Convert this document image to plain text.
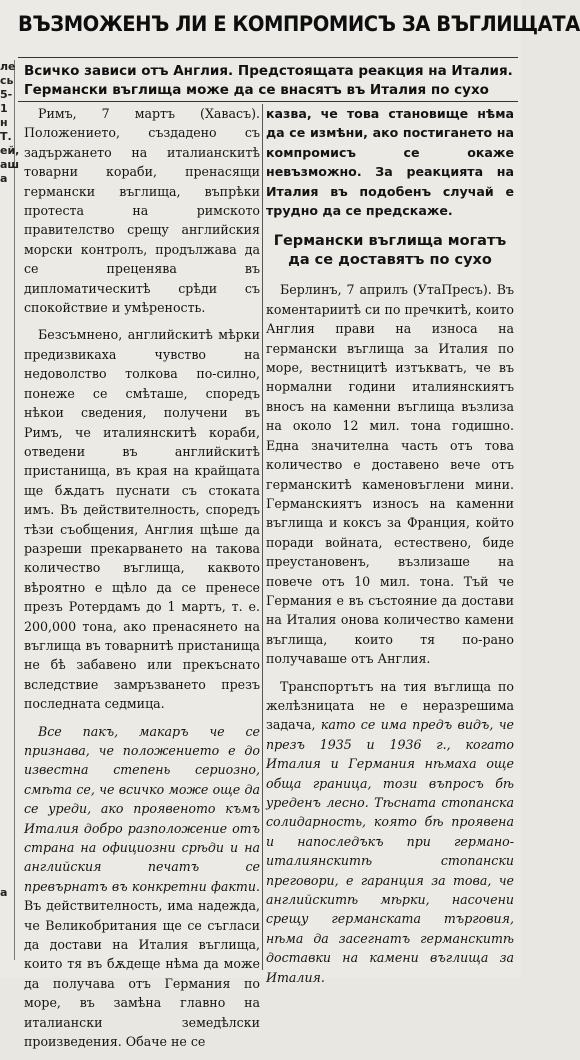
ле
сь
5-1
н
Т.
ей,
аш
а
а
ВЪЗМОЖЕНЪ ЛИ Е КОМПРОМИСЪ ЗА ВЪГЛИЩАТА

Всичко зависи отъ Англия. Предстоящата реакция на Италия. Германски въглища може да се внасятъ въ Италия по сухо

Римъ, 7 мартъ (Хавасъ). Положението, създадено съ задържането на италианскитѣ товарни кораби, пренасящи германски въглища, въпрѣки протеста на римското правителство срещу английския морски контролъ, продължава да се преценява въ дипломатическитѣ срѣди съ спокойствие и умѣреность.

Безсъмнено, английскитѣ мѣрки предизвикаха чувство на недоволство толкова по-силно, понеже се смѣташе, споредъ нѣкои сведения, получени въ Римъ, че италиянскитѣ кораби, отведени въ английскитѣ пристанища, въ края на крайщата ще бѫдатъ пуснати съ стоката имъ. Въ действителность, споредъ тѣзи съобщения, Англия щѣше да разреши прекарването на такова количество въглища, каквото вѣроятно е щѣло да се пренесе презъ Ротердамъ до 1 мартъ, т. е. 200,000 тона, ако пренасянето на въглища въ товарнитѣ пристанища не бѣ забавено или прекъснато вследствие замръзването презъ последната седмица.

Все пакъ, макаръ че се признава, че положението е до известна степень сериозно, смѣта се, че всичко може още да се уреди, ако проявеното къмъ Италия добро разположение отъ страна на официозни срѣди и на английския печатъ се превърнатъ въ конкретни факти. Въ действителность, има надежда, че Великобритания ще се съгласи да достави на Италия въглища, които тя въ бѫдеще нѣма да може да получава отъ Германия по море, въ замѣна главно на италиански земедѣлски произведения. Обаче не се

казва, че това становище нѣма да се измѣни, ако постигането на компромисъ се окаже невъзможно. За реакцията на Италия въ подобенъ случай е трудно да се предскаже.

Германски въглища могатъ да се доставятъ по сухо

Берлинъ, 7 априлъ (УтаПресъ). Въ коментариитѣ си по пречкитѣ, които Англия прави на износа на германски въглища за Италия по море, вестницитѣ изтъкватъ, че въ нормални години италиянскиятъ вносъ на каменни въглища възлиза на около 12 мил. тона годишно. Една значителна часть отъ това количество е доставено вече отъ германскитѣ каменовъглени мини. Германскиятъ износъ на каменни въглища и коксъ за Франция, който поради войната, естествено, биде преустановенъ, възлизаше на повече отъ 10 мил. тона. Тъй че Германия е въ състояние да достави на Италия онова количество камени въглища, които тя по-рано получаваше отъ Англия.

Транспортътъ на тия въглища по желѣзницата не е неразрешима задача, като се има предъ видъ, че презъ 1935 и 1936 г., когато Италия и Германия нѣмаха още обща граница, този въпросъ бѣ уреденъ лесно. Тѣсната стопанска солидарность, която бѣ проявена и напоследъкъ при германо-италиянскитѣ стопански преговори, е гаранция за това, че английскитѣ мѣрки, насочени срещу германската търговия, нѣма да засегнатъ германскитѣ доставки на камени въглища за Италия.
